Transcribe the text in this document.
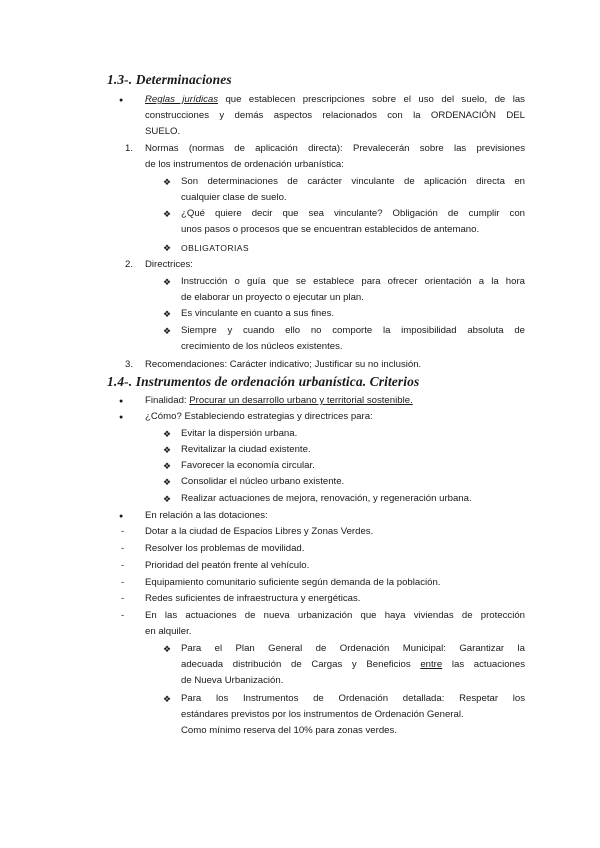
1.3-. Determinaciones
● Reglas jurídicas que establecen prescripciones sobre el uso del suelo, de las
construcciones y demás aspectos relacionados con la ORDENACIÓN DEL
SUELO.
1. Normas (normas de aplicación directa): Prevalecerán sobre las previsiones
de los instrumentos de ordenación urbanística:
❖ Son determinaciones de carácter vinculante de aplicación directa en
cualquier clase de suelo.
❖ ¿Qué quiere decir que sea vinculante? Obligación de cumplir con
unos pasos o procesos que se encuentran establecidos de antemano.
❖ OBLIGATORIAS
2. Directrices:
❖ Instrucción o guía que se establece para ofrecer orientación a la hora
de elaborar un proyecto o ejecutar un plan.
❖ Es vinculante en cuanto a sus fines.
❖ Siempre y cuando ello no comporte la imposibilidad absoluta de
crecimiento de los núcleos existentes.
3. Recomendaciones: Carácter indicativo; Justificar su no inclusión.
1.4-. Instrumentos de ordenación urbanística. Criterios
● Finalidad: Procurar un desarrollo urbano y territorial sostenible.
● ¿Cómo? Estableciendo estrategias y directrices para:
❖ Evitar la dispersión urbana.
❖ Revitalizar la ciudad existente.
❖ Favorecer la economía circular.
❖ Consolidar el núcleo urbano existente.
❖ Realizar actuaciones de mejora, renovación, y regeneración urbana.
● En relación a las dotaciones:
- Dotar a la ciudad de Espacios Libres y Zonas Verdes.
- Resolver los problemas de movilidad.
- Prioridad del peatón frente al vehículo.
- Equipamiento comunitario suficiente según demanda de la población.
- Redes suficientes de infraestructura y energéticas.
- En las actuaciones de nueva urbanización que haya viviendas de protección
en alquiler.
❖ Para el Plan General de Ordenación Municipal: Garantizar la
adecuada distribución de Cargas y Beneficios entre las actuaciones
de Nueva Urbanización.
❖ Para los Instrumentos de Ordenación detallada: Respetar los
estándares previstos por los instrumentos de Ordenación General.
Como mínimo reserva del 10% para zonas verdes.
